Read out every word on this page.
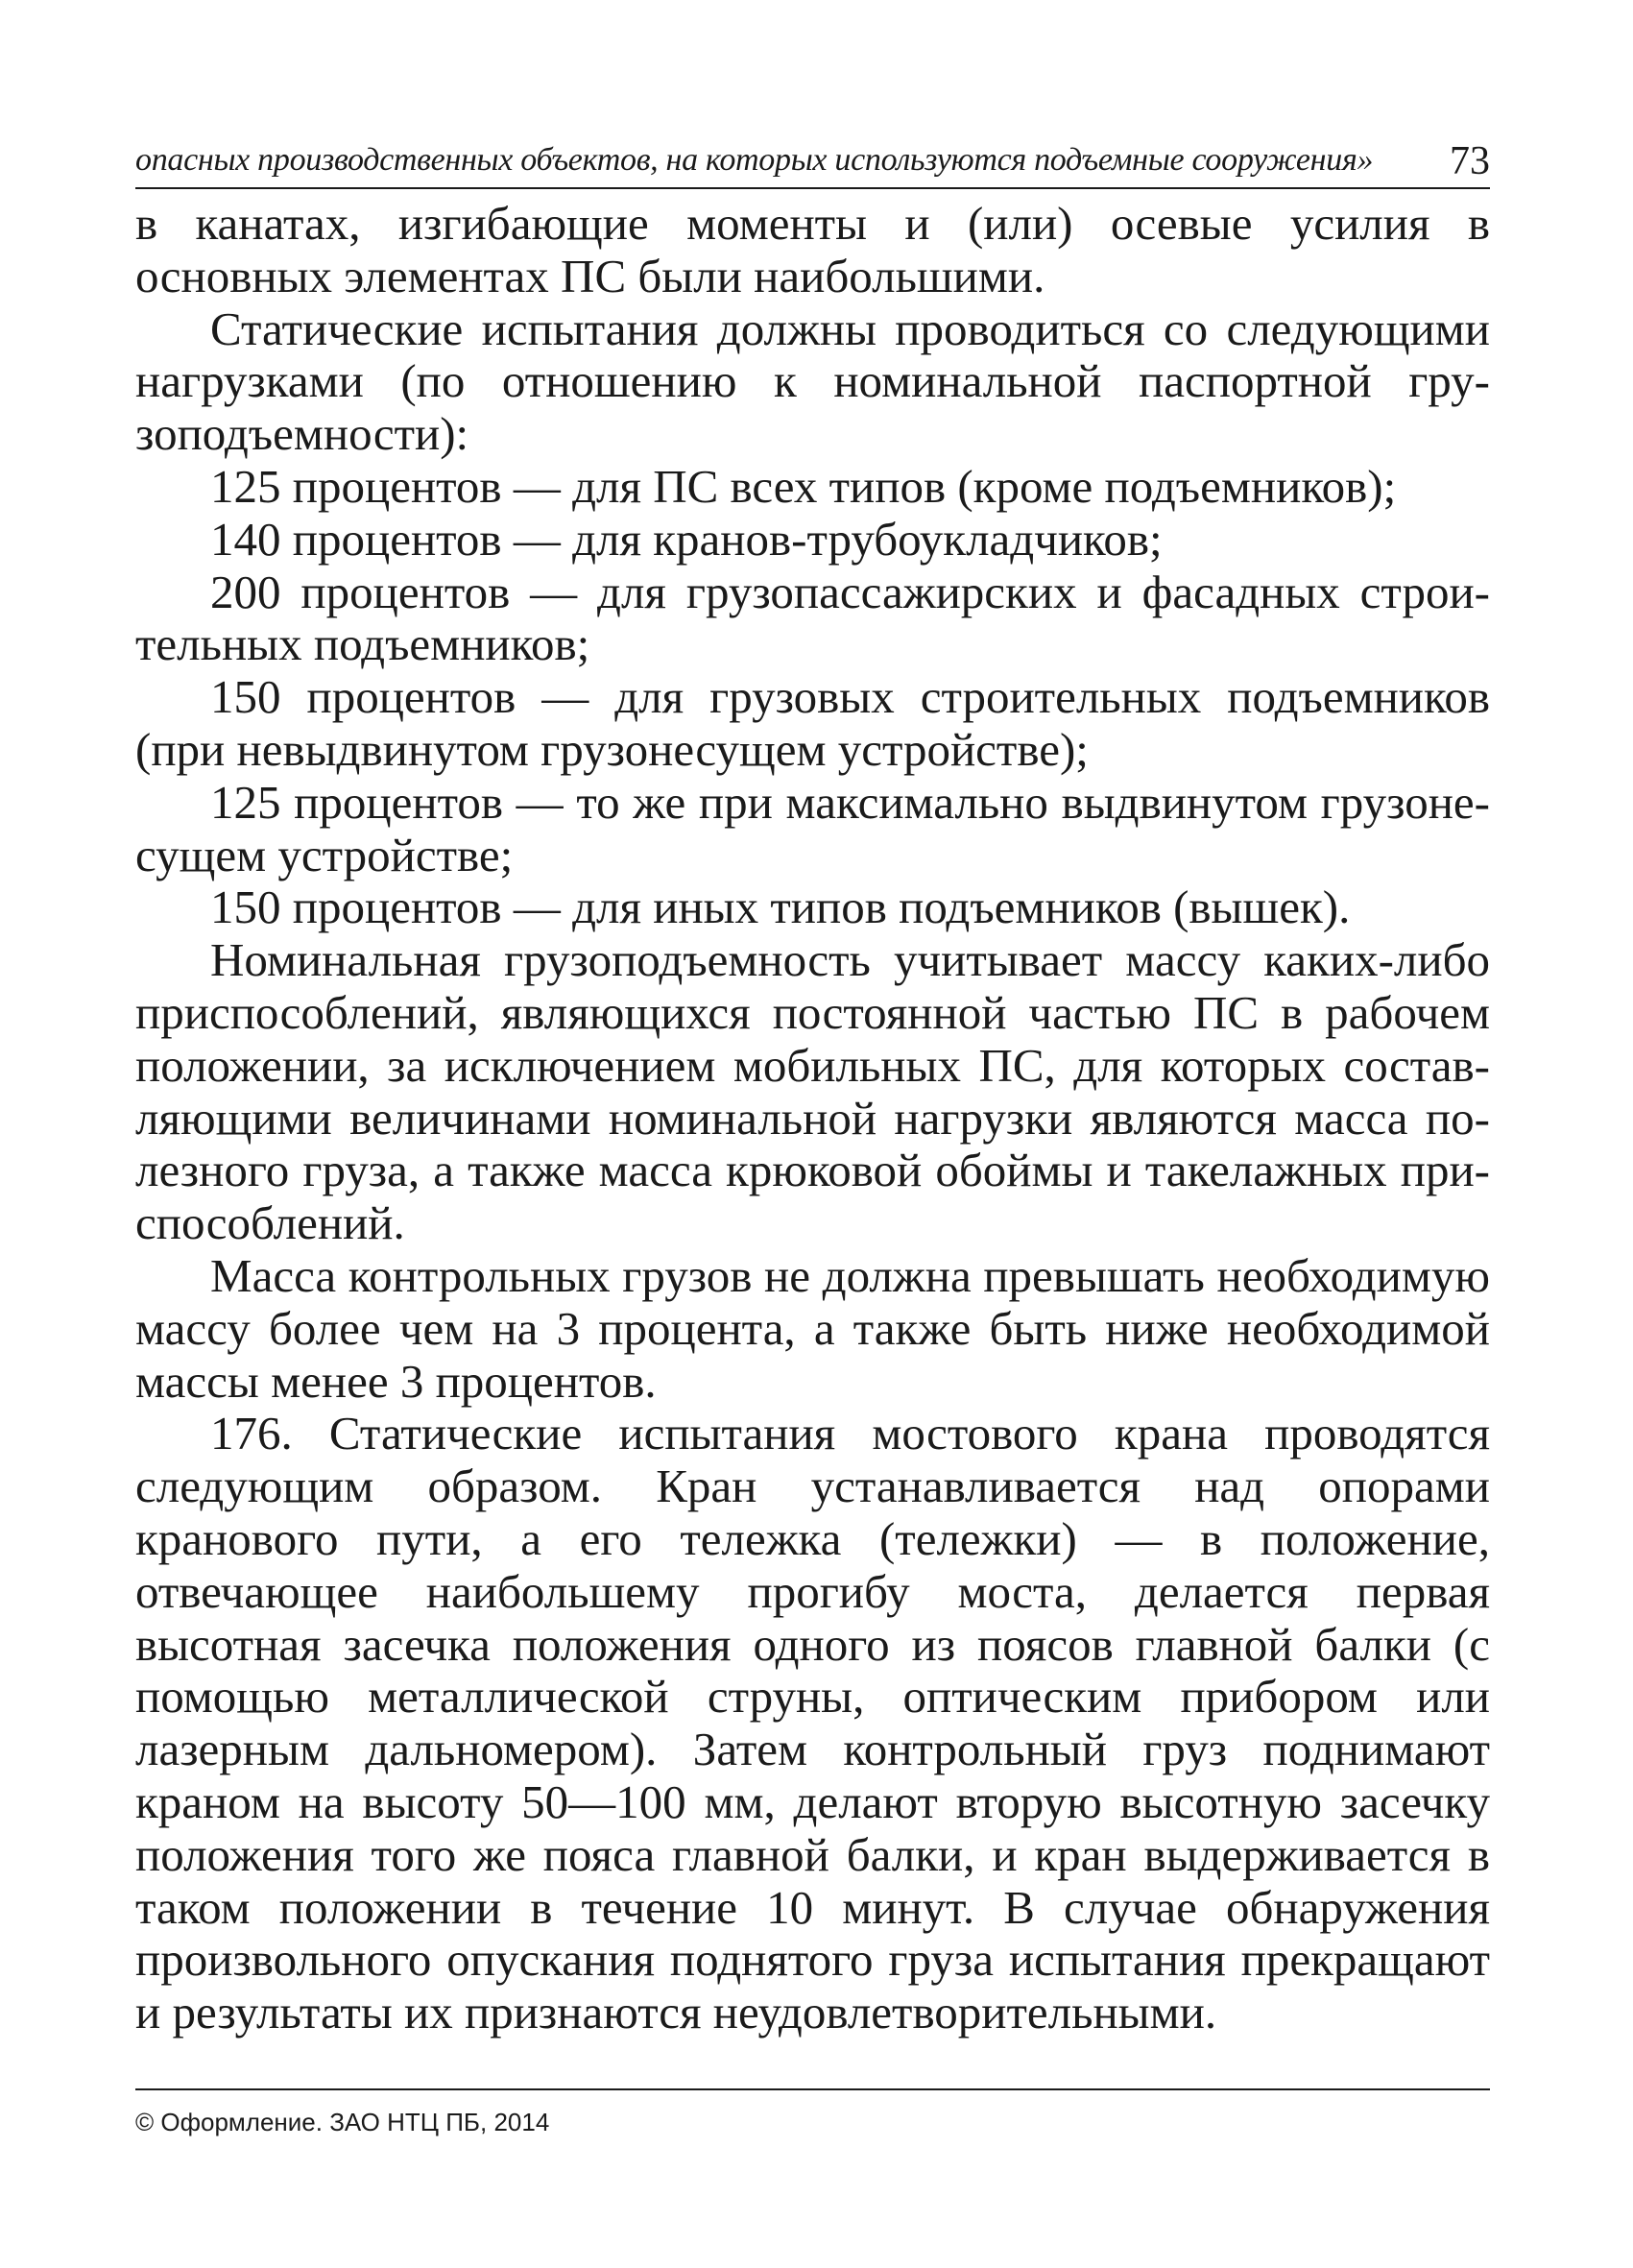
опасных производственных объектов, на которых используются подъемные сооружения» 73

в канатах, изгибающие моменты и (или) осевые усилия в основных элементах ПС были наибольшими.

Статические испытания должны проводиться со следующими нагрузками (по отношению к номинальной паспортной грузоподъемности):

125 процентов — для ПС всех типов (кроме подъемников);

140 процентов — для кранов-трубоукладчиков;

200 процентов — для грузопассажирских и фасадных строительных подъемников;

150 процентов — для грузовых строительных подъемников (при невыдвинутом грузонесущем устройстве);

125 процентов — то же при максимально выдвинутом грузонесущем устройстве;

150 процентов — для иных типов подъемников (вышек).

Номинальная грузоподъемность учитывает массу каких-либо приспособлений, являющихся постоянной частью ПС в рабочем положении, за исключением мобильных ПС, для которых составляющими величинами номинальной нагрузки являются масса полезного груза, а также масса крюковой обоймы и такелажных приспособлений.

Масса контрольных грузов не должна превышать необходимую массу более чем на 3 процента, а также быть ниже необходимой массы менее 3 процентов.

176. Статические испытания мостового крана проводятся следующим образом. Кран устанавливается над опорами кранового пути, а его тележка (тележки) — в положение, отвечающее наибольшему прогибу моста, делается первая высотная засечка положения одного из поясов главной балки (с помощью металлической струны, оптическим прибором или лазерным дальномером). Затем контрольный груз поднимают краном на высоту 50—100 мм, делают вторую высотную засечку положения того же пояса главной балки, и кран выдерживается в таком положении в течение 10 минут. В случае обнаружения произвольного опускания поднятого груза испытания прекращают и результаты их признаются неудовлетворительными.

© Оформление. ЗАО НТЦ ПБ, 2014
